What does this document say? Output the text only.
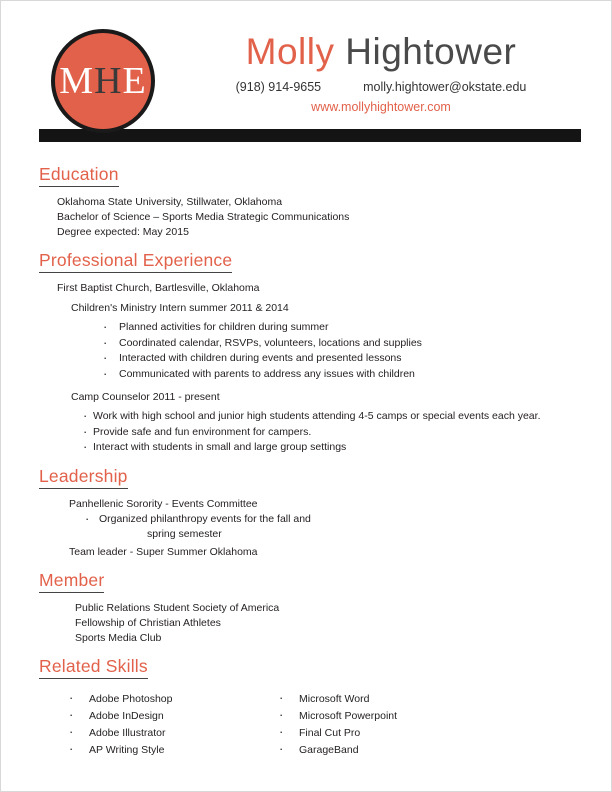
MHE
Molly Hightower
(918) 914-9655	molly.hightower@okstate.edu
www.mollyhightower.com
Education
Oklahoma State University, Stillwater, Oklahoma
Bachelor of Science – Sports Media Strategic Communications
Degree expected: May 2015
Professional Experience
First Baptist Church, Bartlesville, Oklahoma
Children's Ministry Intern summer 2011 & 2014
· Planned activities for children during summer
· Coordinated calendar, RSVPs, volunteers, locations and supplies
· Interacted with children during events and presented lessons
· Communicated with parents to address any issues with children
Camp Counselor 2011 - present
· Work with high school and junior high students attending 4-5 camps or special events each year.
· Provide safe and fun environment for campers.
· Interact with students in small and large group settings
Leadership
Panhellenic Sorority - Events Committee
· Organized philanthropy events for the fall and
spring semester
Team leader - Super Summer Oklahoma
Member
Public Relations Student Society of America
Fellowship of Christian Athletes
Sports Media Club
Related Skills
· Adobe Photoshop
· Adobe InDesign
· Adobe Illustrator
· AP Writing Style
· Microsoft Word
· Microsoft Powerpoint
· Final Cut Pro
· GarageBand
